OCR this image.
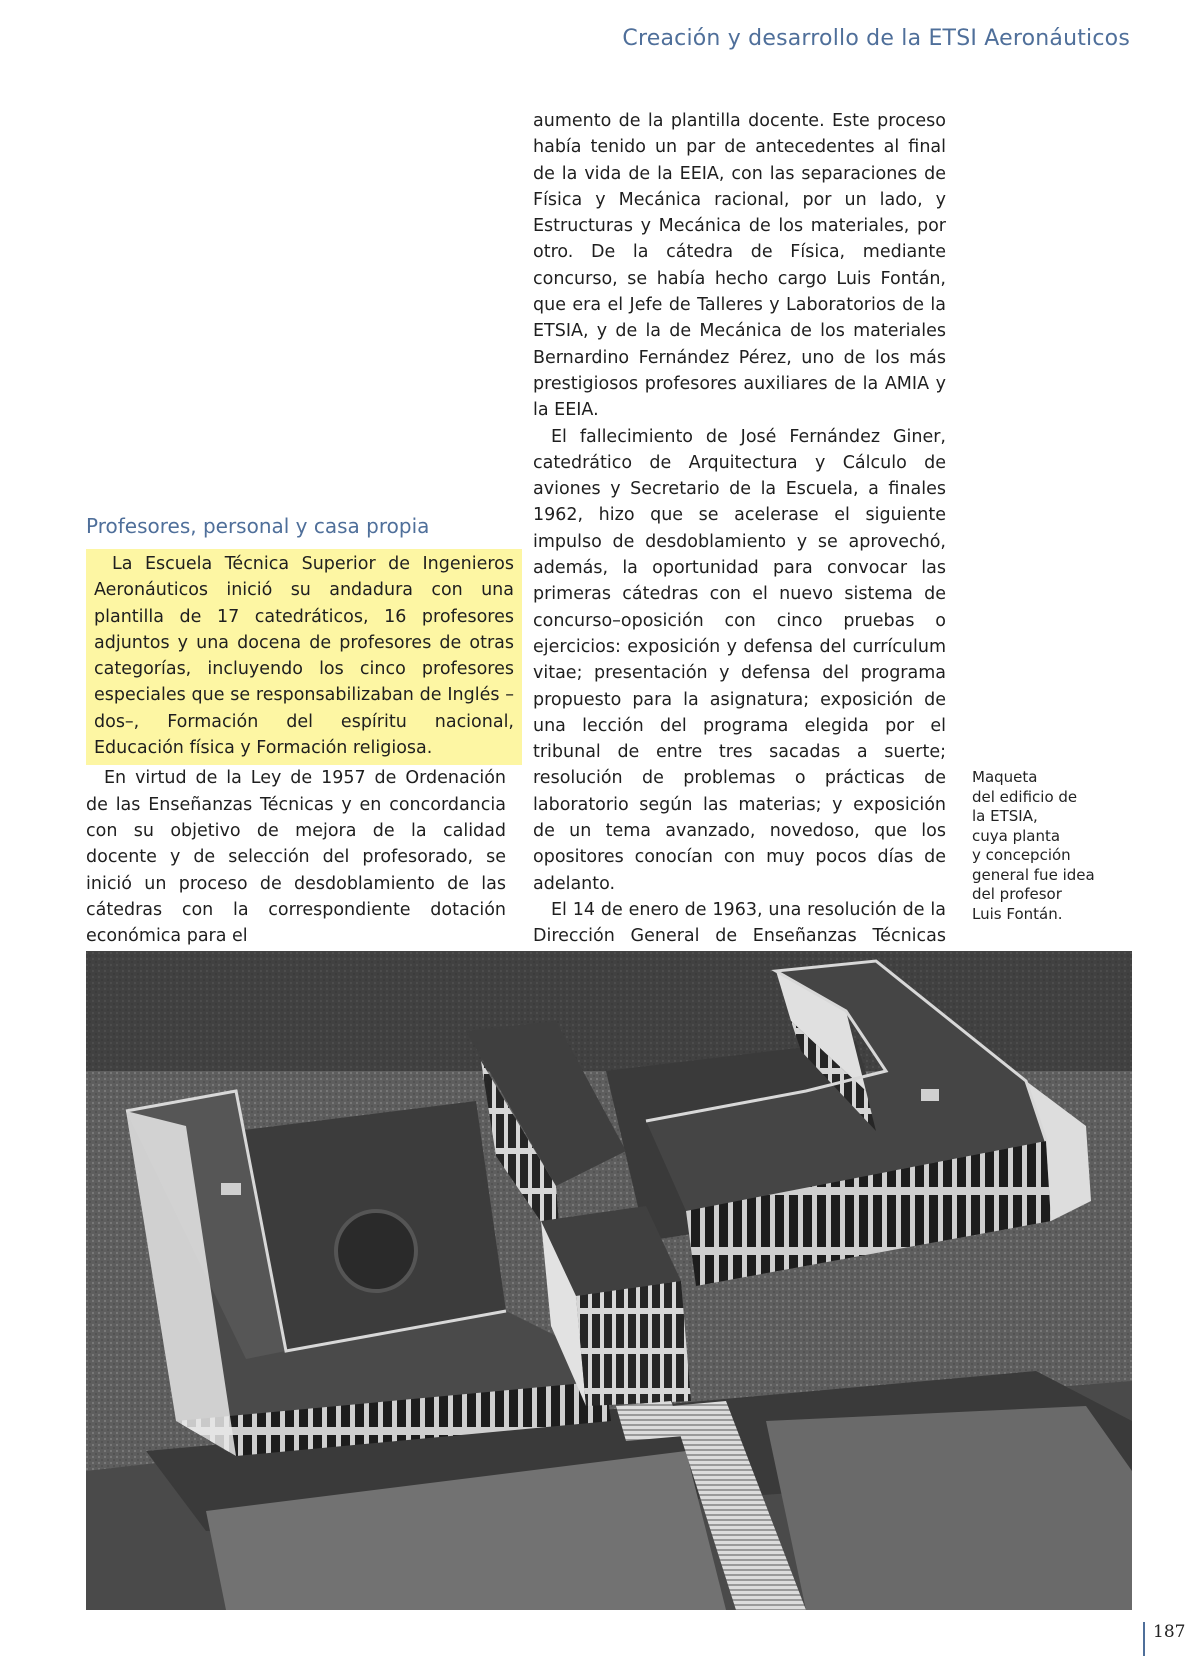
Creación y desarrollo de la ETSI Aeronáuticos

Profesores, personal y casa propia

La Escuela Técnica Superior de Ingenieros Aeronáuticos inició su andadura con una plantilla de 17 catedráticos, 16 profesores adjuntos y una docena de profesores de otras categorías, incluyendo los cinco profesores especiales que se responsabilizaban de Inglés –dos–, Formación del espíritu nacional, Educación física y Formación religiosa.

En virtud de la Ley de 1957 de Ordenación de las Enseñanzas Técnicas y en concordancia con su objetivo de mejora de la calidad docente y de selección del profesorado, se inició un proceso de desdoblamiento de las cátedras con la correspondiente dotación económica para el

aumento de la plantilla docente. Este proceso había tenido un par de antecedentes al final de la vida de la EEIA, con las separaciones de Física y Mecánica racional, por un lado, y Estructuras y Mecánica de los materiales, por otro. De la cátedra de Física, mediante concurso, se había hecho cargo Luis Fontán, que era el Jefe de Talleres y Laboratorios de la ETSIA, y de la de Mecánica de los materiales Bernardino Fernández Pérez, uno de los más prestigiosos profesores auxiliares de la AMIA y la EEIA.

El fallecimiento de José Fernández Giner, catedrático de Arquitectura y Cálculo de aviones y Secretario de la Escuela, a finales 1962, hizo que se acelerase el siguiente impulso de desdoblamiento y se aprovechó, además, la oportunidad para convocar las primeras cátedras con el nuevo sistema de concurso–oposición con cinco pruebas o ejercicios: exposición y defensa del currículum vitae; presentación y defensa del programa propuesto para la asignatura; exposición de una lección del programa elegida por el tribunal de entre tres sacadas a suerte; resolución de problemas o prácticas de laboratorio según las materias; y exposición de un tema avanzado, novedoso, que los opositores conocían con muy pocos días de adelanto.

El 14 de enero de 1963, una resolución de la Dirección General de Enseñanzas Técnicas

Maqueta
del edificio de
la ETSIA,
cuya planta
y concepción
general fue idea
del profesor
Luis Fontán.
187
